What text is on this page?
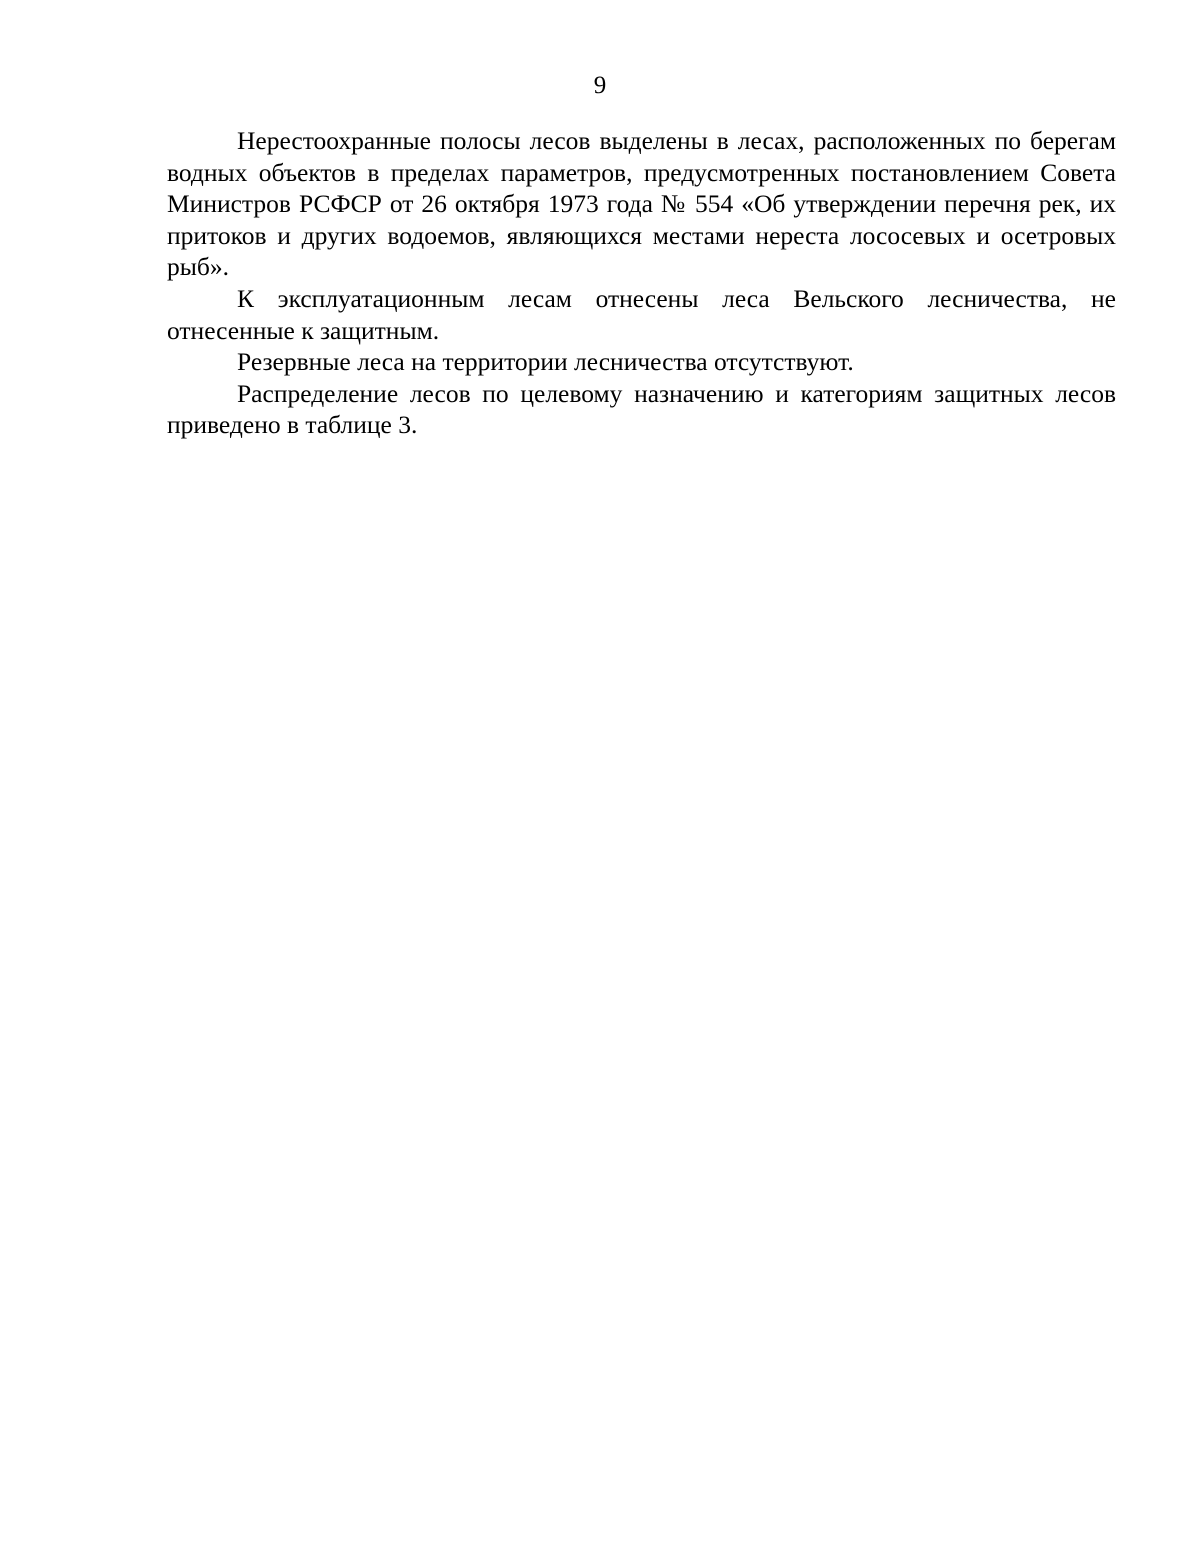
9

Нерестоохранные полосы лесов выделены в лесах, расположенных по берегам водных объектов в пределах параметров, предусмотренных постановлением Совета Министров РСФСР от 26 октября 1973 года № 554 «Об утверждении перечня рек, их притоков и других водоемов, являющихся местами нереста лососевых и осетровых рыб».

К эксплуатационным лесам отнесены леса Вельского лесничества, не отнесенные к защитным.

Резервные леса на территории лесничества отсутствуют.

Распределение лесов по целевому назначению и категориям защитных лесов приведено в таблице 3.
